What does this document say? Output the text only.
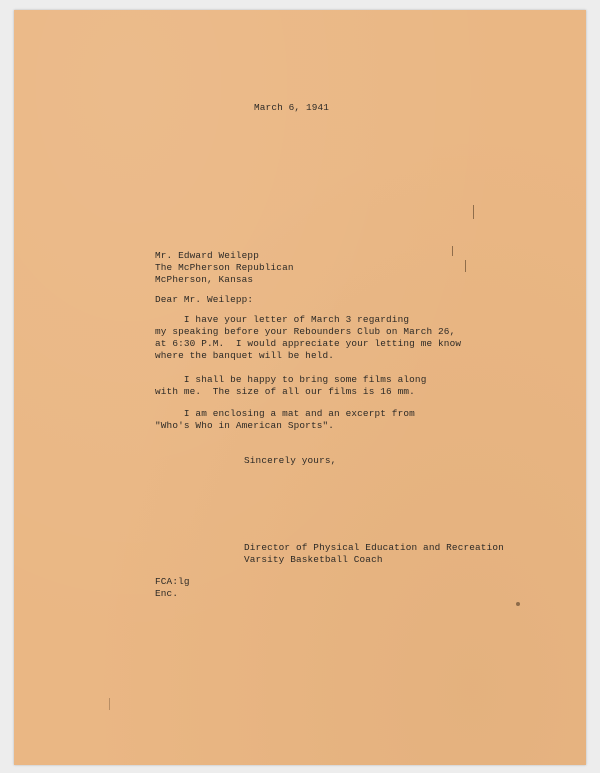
March 6, 1941
Mr. Edward Weilepp
The McPherson Republican
McPherson, Kansas
Dear Mr. Weilepp:
I have your letter of March 3 regarding
my speaking before your Rebounders Club on March 26,
at 6:30 P.M.  I would appreciate your letting me know
where the banquet will be held.
I shall be happy to bring some films along
with me.  The size of all our films is 16 mm.
I am enclosing a mat and an excerpt from
"Who's Who in American Sports".
Sincerely yours,
Director of Physical Education and Recreation
Varsity Basketball Coach
FCA:lg
Enc.
